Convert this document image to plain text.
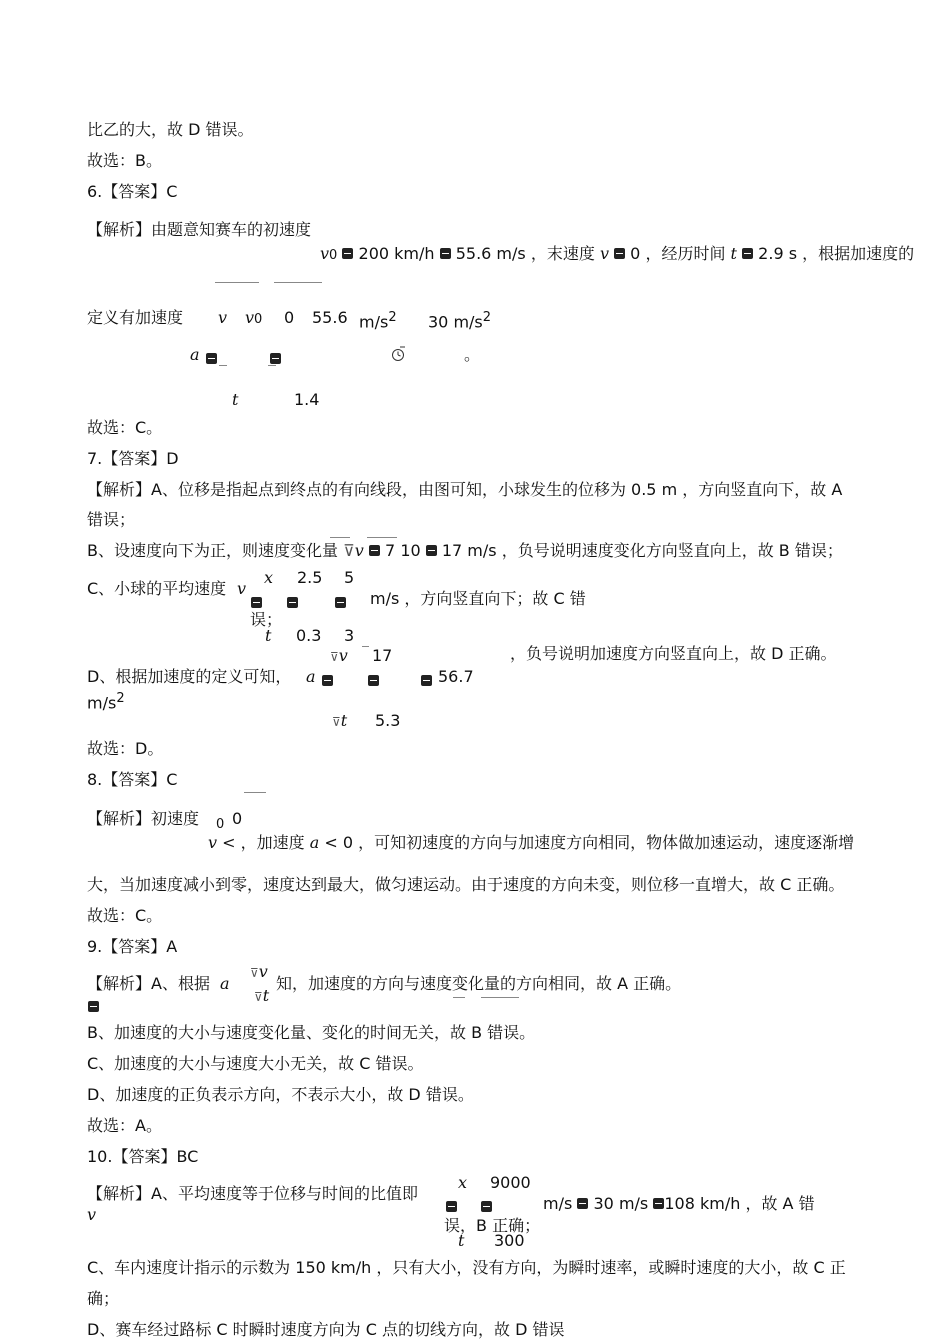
比乙的大，故 D 错误。
故选：B。
6.【答案】C
【解析】由题意知赛车的初速度
v0 200 km/h 55.6 m/s ，末速度 v 0 ，经历时间 t 2.9 s ，根据加速度的
定义有加速度 v v0 0 55.6 $m/s^2$ 30 $m/s^2$
a	。
t	1.4
故选：C。
7.【答案】D
【解析】A、位移是指起点到终点的有向线段，由图可知，小球发生的位移为 0.5 m ，方向竖直向下，故 A
错误；
B、设速度向下为正，则速度变化量 ⊽v 7 10 17 m/s ，负号说明速度变化方向竖直向上，故 B 错误；
C、小球的平均速度 v
x 2.5 5
m/s ，方向竖直向下；故 C 错
误；
t 0.3 3
⊽v 17	，负号说明加速度方向竖直向上，故 D 正确。
D、根据加速度的定义可知， a	56.7
$m/s^2$
⊽t 5.3
故选：D。
8.【答案】C
【解析】初速度 0 0
v < ，加速度 a < 0 ，可知初速度的方向与加速度方向相同，物体做加速运动，速度逐渐增
大，当加速度减小到零，速度达到最大，做匀速运动。由于速度的方向未变，则位移一直增大，故 C 正确。
故选：C。
9.【答案】A
【解析】A、根据 a
⊽v
⊽t
知，加速度的方向与速度变化量的方向相同，故 A 正确。
B、加速度的大小与速度变化量、变化的时间无关，故 B 错误。
C、加速度的大小与速度大小无关，故 C 错误。
D、加速度的正负表示方向，不表示大小，故 D 错误。
故选：A。
10.【答案】BC
【解析】A、平均速度等于位移与时间的比值即
v
x 9000
m/s 30 m/s 108 km/h ，故 A 错
误，B 正确；
t 300
C、车内速度计指示的示数为 150 km/h ，只有大小，没有方向，为瞬时速率，或瞬时速度的大小，故 C 正
确；
D、赛车经过路标 C 时瞬时速度方向为 C 点的切线方向，故 D 错误
